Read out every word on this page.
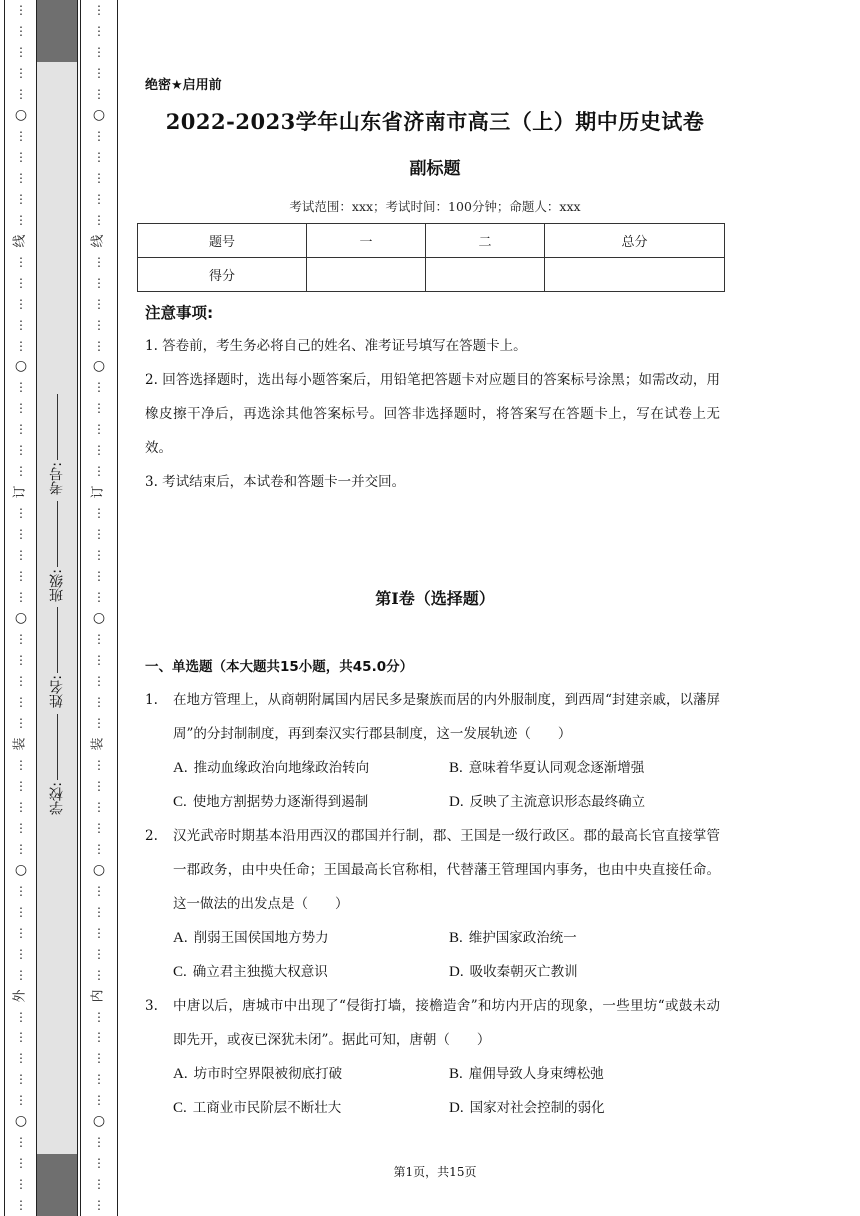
⋮
⋮
⋮
⋮
⋮
○
⋮
⋮
⋮
⋮
⋮
线
⋮
⋮
⋮
⋮
⋮
○
⋮
⋮
⋮
⋮
⋮
订
⋮
⋮
⋮
⋮
⋮
○
⋮
⋮
⋮
⋮
⋮
装
⋮
⋮
⋮
⋮
⋮
○
⋮
⋮
⋮
⋮
⋮
外
⋮
⋮
⋮
⋮
⋮
○
⋮
⋮
⋮
⋮
学校:
姓名:
班级:
考号:
⋮
⋮
⋮
⋮
⋮
○
⋮
⋮
⋮
⋮
⋮
线
⋮
⋮
⋮
⋮
⋮
○
⋮
⋮
⋮
⋮
⋮
订
⋮
⋮
⋮
⋮
⋮
○
⋮
⋮
⋮
⋮
⋮
装
⋮
⋮
⋮
⋮
⋮
○
⋮
⋮
⋮
⋮
⋮
内
⋮
⋮
⋮
⋮
⋮
○
⋮
⋮
⋮
⋮
绝密★启用前
2022-2023学年山东省济南市高三（上）期中历史试卷
副标题
考试范围：xxx；考试时间：100分钟；命题人：xxx
题号	一	二	总分
得分			
注意事项:

1. 答卷前，考生务必将自己的姓名、准考证号填写在答题卡上。

2. 回答选择题时，选出每小题答案后，用铅笔把答题卡对应题目的答案标号涂黑；如需改动，用橡皮擦干净后，再选涂其他答案标号。回答非选择题时，将答案写在答题卡上，写在试卷上无效。

3. 考试结束后，本试卷和答题卡一并交回。

第I卷（选择题）
一、单选题（本大题共15小题，共45.0分）
1. 在地方管理上，从商朝附属国内居民多是聚族而居的内外服制度，到西周“封建亲戚，以藩屏周”的分封制制度，再到秦汉实行郡县制度，这一发展轨迹（　　）
A. 推动血缘政治向地缘政治转向	B. 意味着华夏认同观念逐渐增强
C. 使地方割据势力逐渐得到遏制	D. 反映了主流意识形态最终确立
2. 汉光武帝时期基本沿用西汉的郡国并行制，郡、王国是一级行政区。郡的最高长官直接掌管一郡政务，由中央任命；王国最高长官称相，代替藩王管理国内事务，也由中央直接任命。这一做法的出发点是（　　）
A. 削弱王国侯国地方势力	B. 维护国家政治统一
C. 确立君主独揽大权意识	D. 吸收秦朝灭亡教训
3. 中唐以后，唐城市中出现了“侵街打墙，接檐造舍”和坊内开店的现象，一些里坊“或鼓未动即先开，或夜已深犹未闭”。据此可知，唐朝（　　）
A. 坊市时空界限被彻底打破	B. 雇佣导致人身束缚松弛
C. 工商业市民阶层不断壮大	D. 国家对社会控制的弱化
第1页，共15页
